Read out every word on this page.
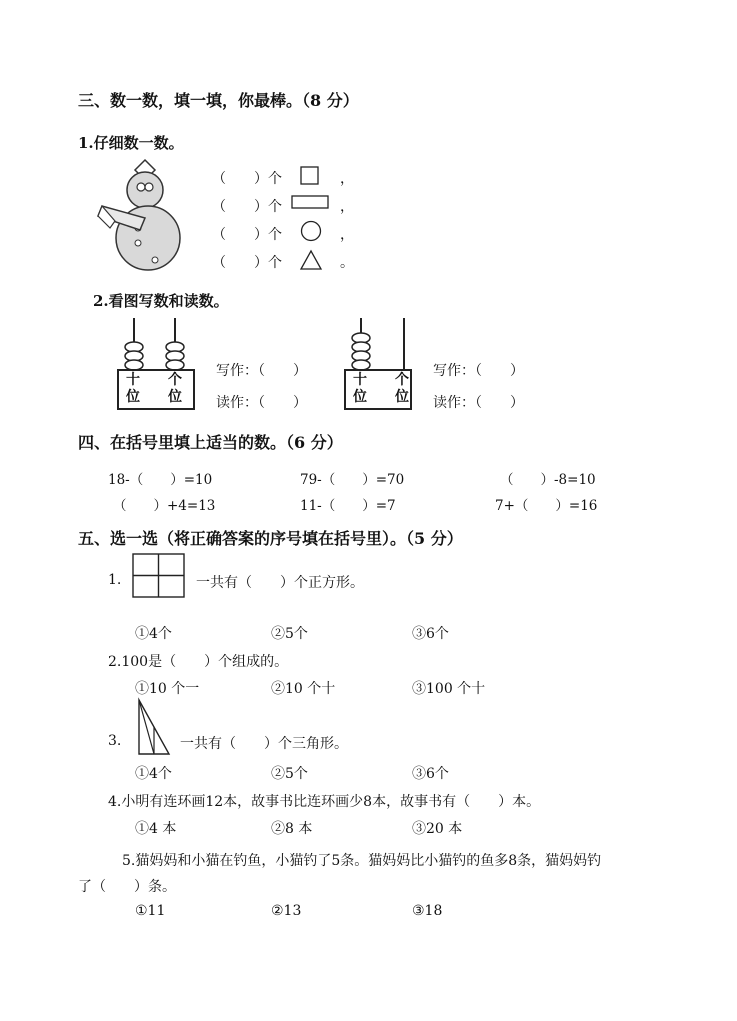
三、数一数，填一填，你最棒。（8 分）
1.仔细数一数。
（　　）个	，
（　　）个	，
（　　）个	，
（　　）个	。
2.看图写数和读数。
十
位
个
位
写作：（　　）
读作：（　　）
十
位
个
位
写作：（　　）
读作：（　　）
四、在括号里填上适当的数。（6 分）
18-（　　）=10	79-（　　）=70	（　　）-8=10
（　　）+4=13	11-（　　）=7	7+（　　）=16
五、选一选（将正确答案的序号填在括号里）。（5 分）
1.	一共有（　　）个正方形。
①4个	②5个	③6个
2.100是（　　）个组成的。
①10 个一	②10 个十	③100 个十
3.	一共有（　　）个三角形。
①4个	②5个	③6个
4.小明有连环画12本，故事书比连环画少8本，故事书有（　　）本。
①4 本	②8 本	③20 本
5.猫妈妈和小猫在钓鱼，小猫钓了5条。猫妈妈比小猫钓的鱼多8条，猫妈妈钓
了（　　）条。
①11	②13	③18
